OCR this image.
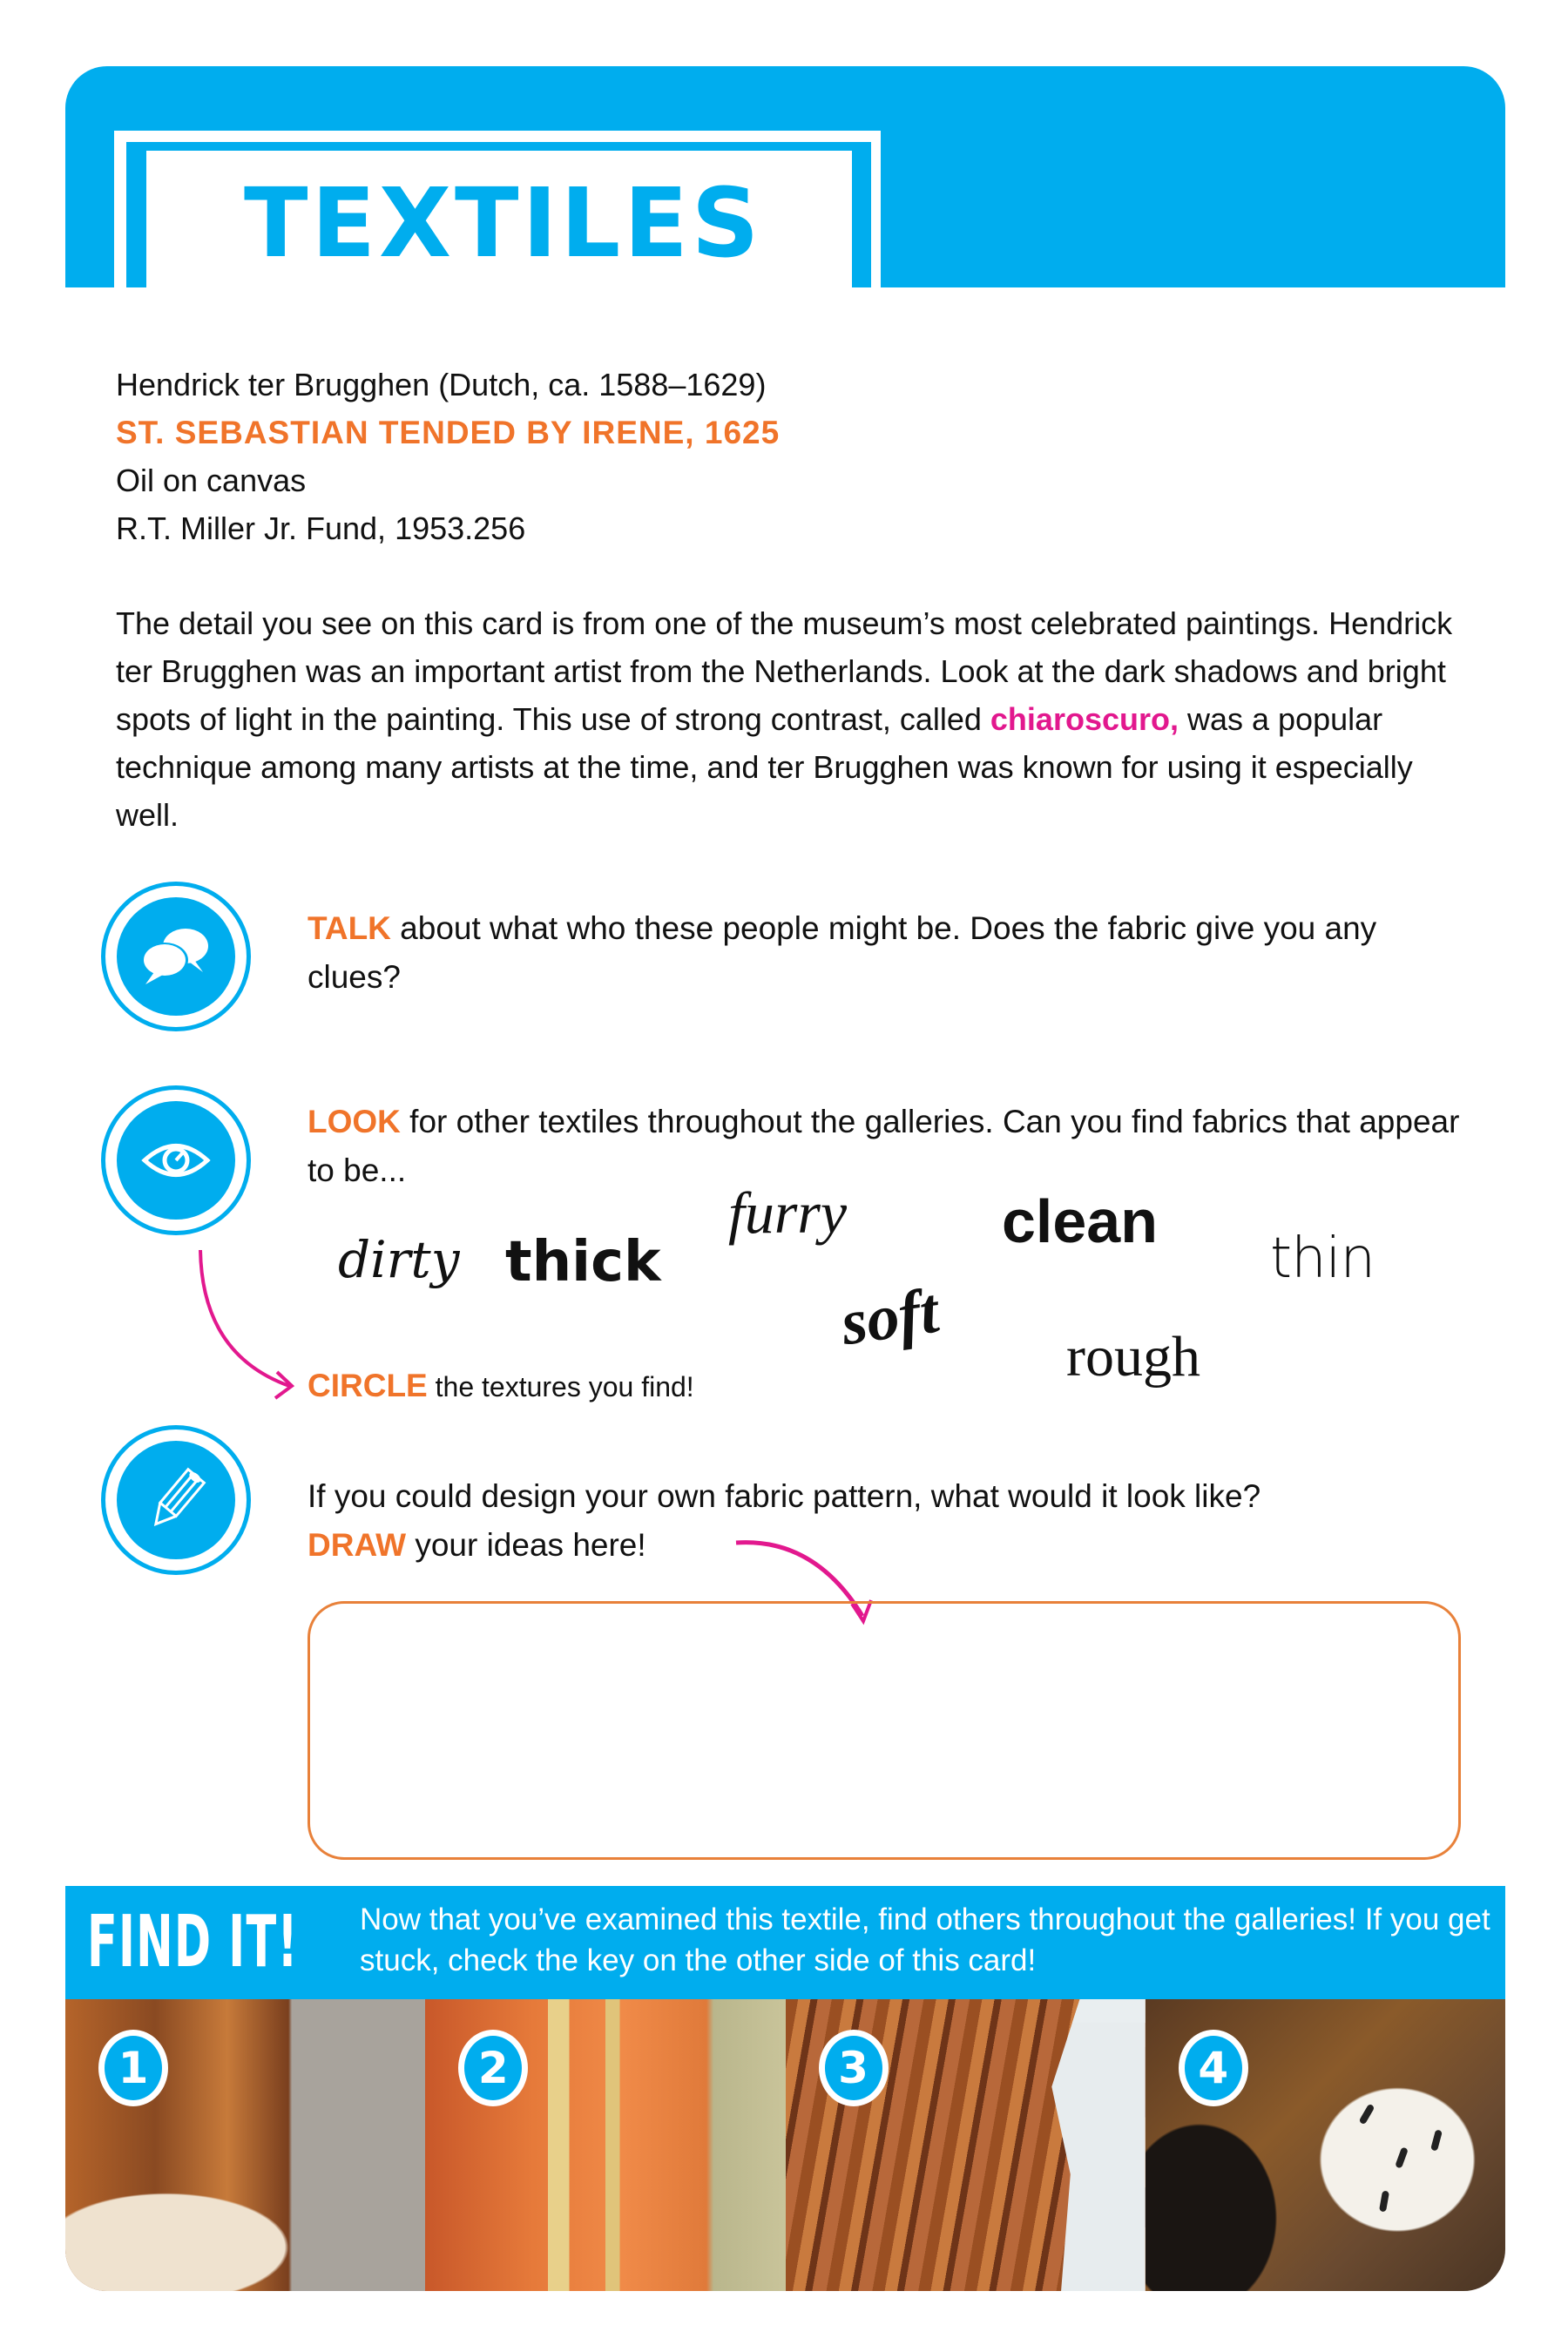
TEXTILES
Hendrick ter Brugghen (Dutch, ca. 1588–1629)
ST. SEBASTIAN TENDED BY IRENE, 1625
Oil on canvas
R.T. Miller Jr. Fund, 1953.256
The detail you see on this card is from one of the museum’s most celebrated paintings. Hendrick ter Brugghen was an important artist from the Netherlands. Look at the dark shadows and bright spots of light in the painting. This use of strong contrast, called chiaroscuro, was a popular technique among many artists at the time, and ter Brugghen was known for using it especially well.
TALK about what who these people might be. Does the fabric give you any clues?
LOOK for other textiles throughout the galleries. Can you find fabrics that appear to be...
dirty thick
furry	clean
thin
soft rough
CIRCLE the textures you find!
If you could design your own fabric pattern, what would it look like?
DRAW your ideas here!
FIND IT! Now that you’ve examined this textile, find others throughout the galleries! If you get stuck, check the key on the other side of this card!
1	2	3	4
